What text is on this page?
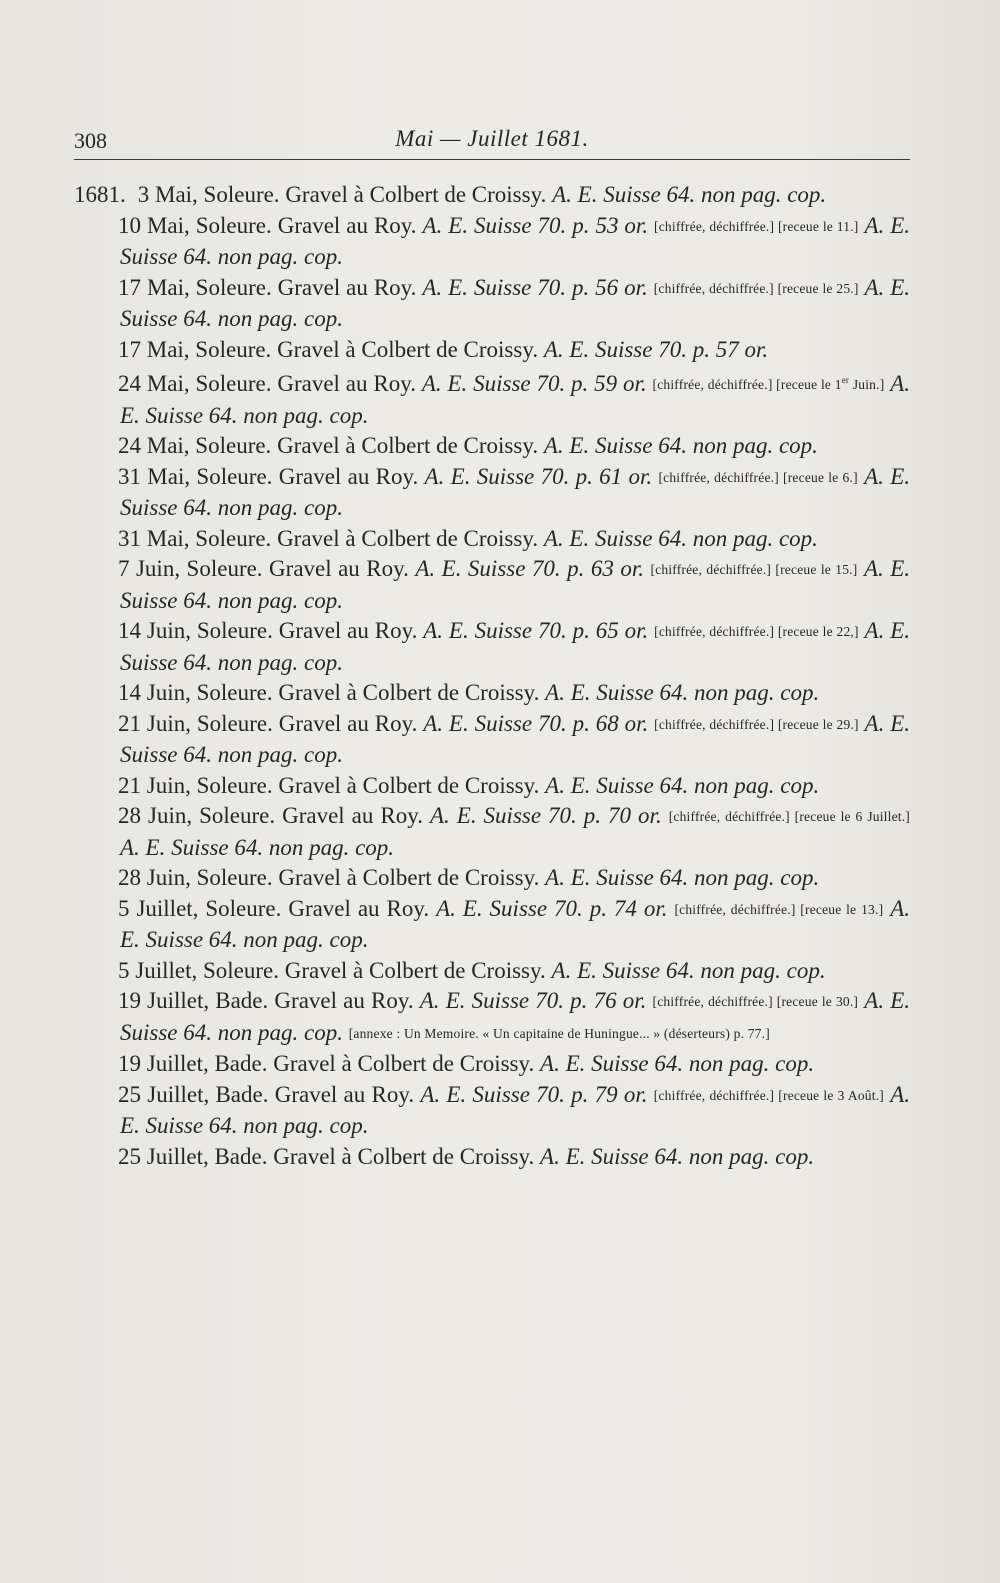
308	Mai — Juillet 1681.

1681. 3 Mai, Soleure. Gravel à Colbert de Croissy. A. E. Suisse 64. non pag. cop.

10 Mai, Soleure. Gravel au Roy. A. E. Suisse 70. p. 53 or. [chiffrée, déchiffrée.] [receue le 11.] A. E. Suisse 64. non pag. cop.

17 Mai, Soleure. Gravel au Roy. A. E. Suisse 70. p. 56 or. [chiffrée, déchiffrée.] [receue le 25.] A. E. Suisse 64. non pag. cop.

17 Mai, Soleure. Gravel à Colbert de Croissy. A. E. Suisse 70. p. 57 or.

24 Mai, Soleure. Gravel au Roy. A. E. Suisse 70. p. 59 or. [chiffrée, déchiffrée.] [receue le 1er Juin.] A. E. Suisse 64. non pag. cop.

24 Mai, Soleure. Gravel à Colbert de Croissy. A. E. Suisse 64. non pag. cop.

31 Mai, Soleure. Gravel au Roy. A. E. Suisse 70. p. 61 or. [chiffrée, déchiffrée.] [receue le 6.] A. E. Suisse 64. non pag. cop.

31 Mai, Soleure. Gravel à Colbert de Croissy. A. E. Suisse 64. non pag. cop.

7 Juin, Soleure. Gravel au Roy. A. E. Suisse 70. p. 63 or. [chiffrée, déchiffrée.] [receue le 15.] A. E. Suisse 64. non pag. cop.

14 Juin, Soleure. Gravel au Roy. A. E. Suisse 70. p. 65 or. [chiffrée, déchiffrée.] [receue le 22,] A. E. Suisse 64. non pag. cop.

14 Juin, Soleure. Gravel à Colbert de Croissy. A. E. Suisse 64. non pag. cop.

21 Juin, Soleure. Gravel au Roy. A. E. Suisse 70. p. 68 or. [chiffrée, déchiffrée.] [receue le 29.] A. E. Suisse 64. non pag. cop.

21 Juin, Soleure. Gravel à Colbert de Croissy. A. E. Suisse 64. non pag. cop.

28 Juin, Soleure. Gravel au Roy. A. E. Suisse 70. p. 70 or. [chiffrée, déchiffrée.] [receue le 6 Juillet.] A. E. Suisse 64. non pag. cop.

28 Juin, Soleure. Gravel à Colbert de Croissy. A. E. Suisse 64. non pag. cop.

5 Juillet, Soleure. Gravel au Roy. A. E. Suisse 70. p. 74 or. [chiffrée, déchiffrée.] [receue le 13.] A. E. Suisse 64. non pag. cop.

5 Juillet, Soleure. Gravel à Colbert de Croissy. A. E. Suisse 64. non pag. cop.

19 Juillet, Bade. Gravel au Roy. A. E. Suisse 70. p. 76 or. [chiffrée, déchiffrée.] [receue le 30.] A. E. Suisse 64. non pag. cop. [annexe : Un Memoire. « Un capitaine de Huningue... » (déserteurs) p. 77.]

19 Juillet, Bade. Gravel à Colbert de Croissy. A. E. Suisse 64. non pag. cop.

25 Juillet, Bade. Gravel au Roy. A. E. Suisse 70. p. 79 or. [chiffrée, déchiffrée.] [receue le 3 Août.] A. E. Suisse 64. non pag. cop.

25 Juillet, Bade. Gravel à Colbert de Croissy. A. E. Suisse 64. non pag. cop.
